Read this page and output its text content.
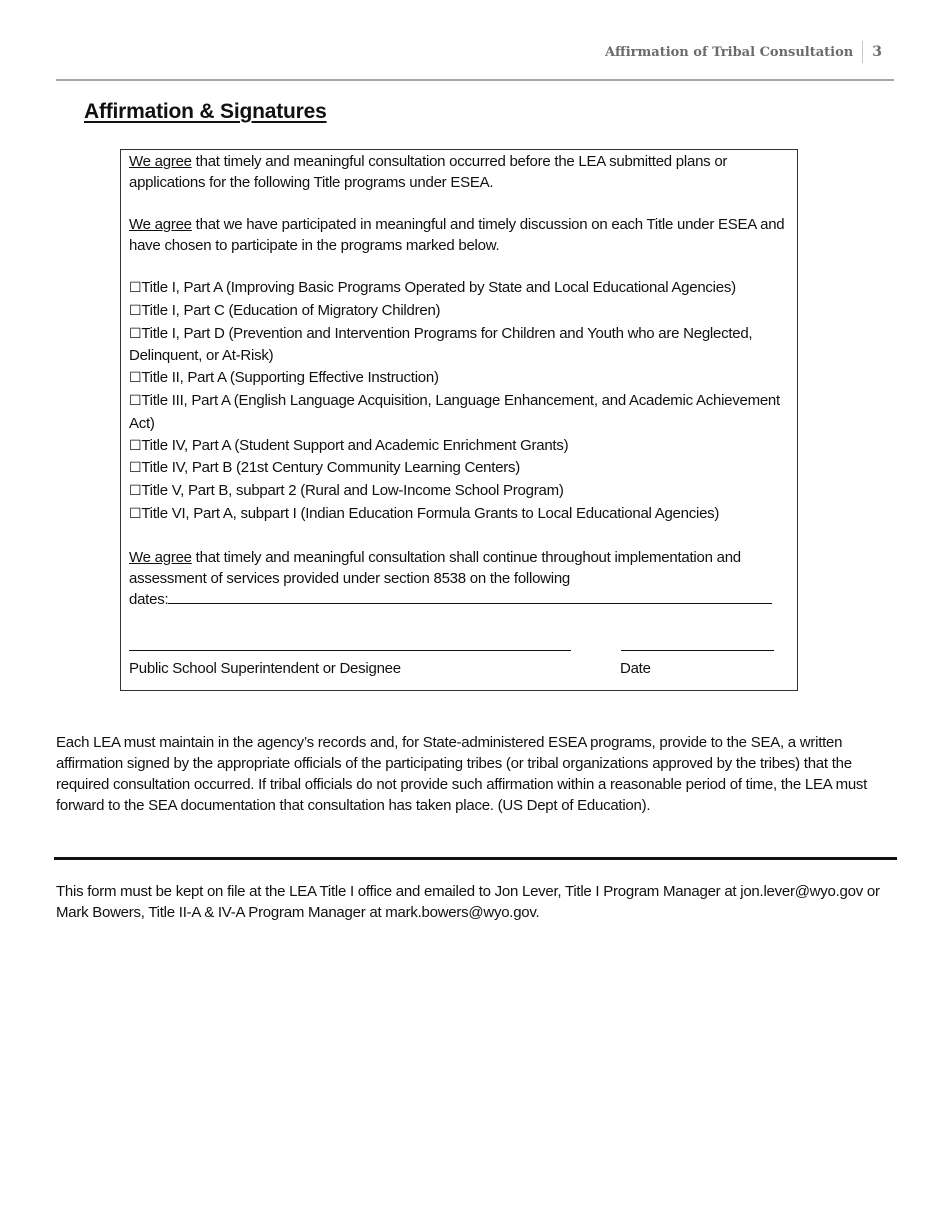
Affirmation of Tribal Consultation	3
Affirmation & Signatures

We agree that timely and meaningful consultation occurred before the LEA submitted plans or applications for the following Title programs under ESEA.

We agree that we have participated in meaningful and timely discussion on each Title under ESEA and have chosen to participate in the programs marked below.

☐Title I, Part A (Improving Basic Programs Operated by State and Local Educational Agencies)
☐Title I, Part C (Education of Migratory Children)
☐Title I, Part D (Prevention and Intervention Programs for Children and Youth who are Neglected, Delinquent, or At-Risk)
☐Title II, Part A (Supporting Effective Instruction)
☐Title III, Part A (English Language Acquisition, Language Enhancement, and Academic Achievement Act)
☐Title IV, Part A (Student Support and Academic Enrichment Grants)
☐Title IV, Part B (21st Century Community Learning Centers)
☐Title V, Part B, subpart 2 (Rural and Low-Income School Program)
☐Title VI, Part A, subpart I (Indian Education Formula Grants to Local Educational Agencies)

We agree that timely and meaningful consultation shall continue throughout implementation and assessment of services provided under section 8538 on the following

dates:

Public School Superintendent or Designee	Date

Each LEA must maintain in the agency’s records and, for State-administered ESEA programs, provide to the SEA, a written affirmation signed by the appropriate officials of the participating tribes (or tribal organizations approved by the tribes) that the required consultation occurred. If tribal officials do not provide such affirmation within a reasonable period of time, the LEA must forward to the SEA documentation that consultation has taken place. (US Dept of Education).

This form must be kept on file at the LEA Title I office and emailed to Jon Lever, Title I Program Manager at jon.lever@wyo.gov or Mark Bowers, Title II-A & IV-A Program Manager at mark.bowers@wyo.gov.
